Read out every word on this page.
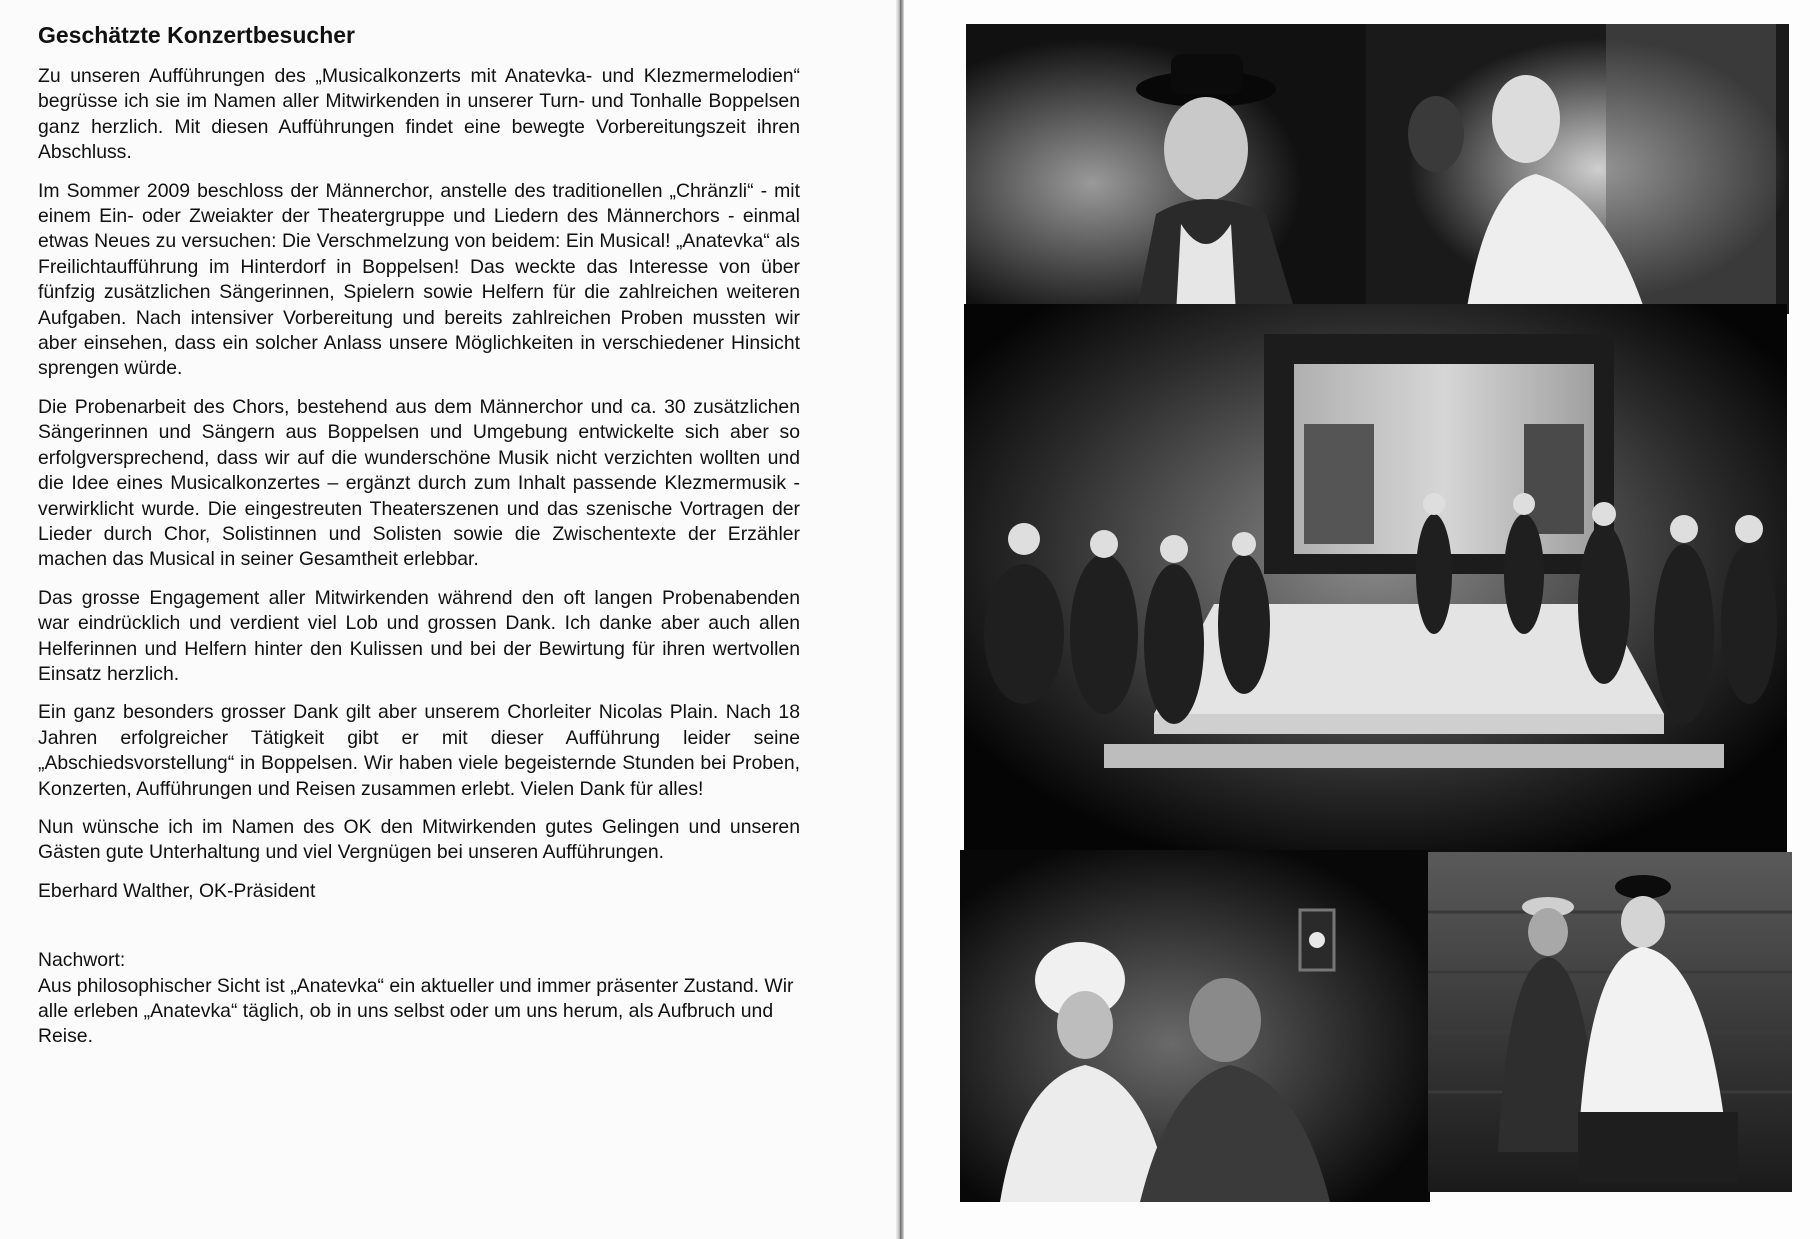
Geschätzte Konzertbesucher

Zu unseren Aufführungen des „Musicalkonzerts mit Anatevka- und Klezmermelodien“ begrüsse ich sie im Namen aller Mitwirkenden in unserer Turn- und Tonhalle Boppelsen ganz herzlich. Mit diesen Aufführungen findet eine bewegte Vorbereitungszeit ihren Abschluss.

Im Sommer 2009 beschloss der Männerchor, anstelle des traditionellen „Chränzli“ - mit einem Ein- oder Zweiakter der Theatergruppe und Liedern des Männerchors - einmal etwas Neues zu versuchen: Die Verschmelzung von beidem: Ein Musical! „Anatevka“ als Freilichtaufführung im Hinterdorf in Boppelsen! Das weckte das Interesse von über fünfzig zusätzlichen Sängerinnen, Spielern sowie Helfern für die zahlreichen weiteren Aufgaben. Nach intensiver Vorbereitung und bereits zahlreichen Proben mussten wir aber einsehen, dass ein solcher Anlass unsere Möglichkeiten in verschiedener Hinsicht sprengen würde.

Die Probenarbeit des Chors, bestehend aus dem Männerchor und ca. 30 zusätzlichen Sängerinnen und Sängern aus Boppelsen und Umgebung entwickelte sich aber so erfolgversprechend, dass wir auf die wunderschöne Musik nicht verzichten wollten und die Idee eines Musicalkonzertes – ergänzt durch zum Inhalt passende Klezmermusik - verwirklicht wurde. Die eingestreuten Theaterszenen und das szenische Vortragen der Lieder durch Chor, Solistinnen und Solisten sowie die Zwischentexte der Erzähler machen das Musical in seiner Gesamtheit erlebbar.

Das grosse Engagement aller Mitwirkenden während den oft langen Probenabenden war eindrücklich und verdient viel Lob und grossen Dank. Ich danke aber auch allen Helferinnen und Helfern hinter den Kulissen und bei der Bewirtung für ihren wertvollen Einsatz herzlich.

Ein ganz besonders grosser Dank gilt aber unserem Chorleiter Nicolas Plain. Nach 18 Jahren erfolgreicher Tätigkeit gibt er mit dieser Aufführung leider seine „Abschiedsvorstellung“ in Boppelsen. Wir haben viele begeisternde Stunden bei Proben, Konzerten, Aufführungen und Reisen zusammen erlebt. Vielen Dank für alles!

Nun wünsche ich im Namen des OK den Mitwirkenden gutes Gelingen und unseren Gästen gute Unterhaltung und viel Vergnügen bei unseren Aufführungen.

Eberhard Walther, OK-Präsident
Nachwort:
Aus philosophischer Sicht ist „Anatevka“ ein aktueller und immer präsenter Zustand. Wir alle erleben „Anatevka“ täglich, ob in uns selbst oder um uns herum, als Aufbruch und Reise.
